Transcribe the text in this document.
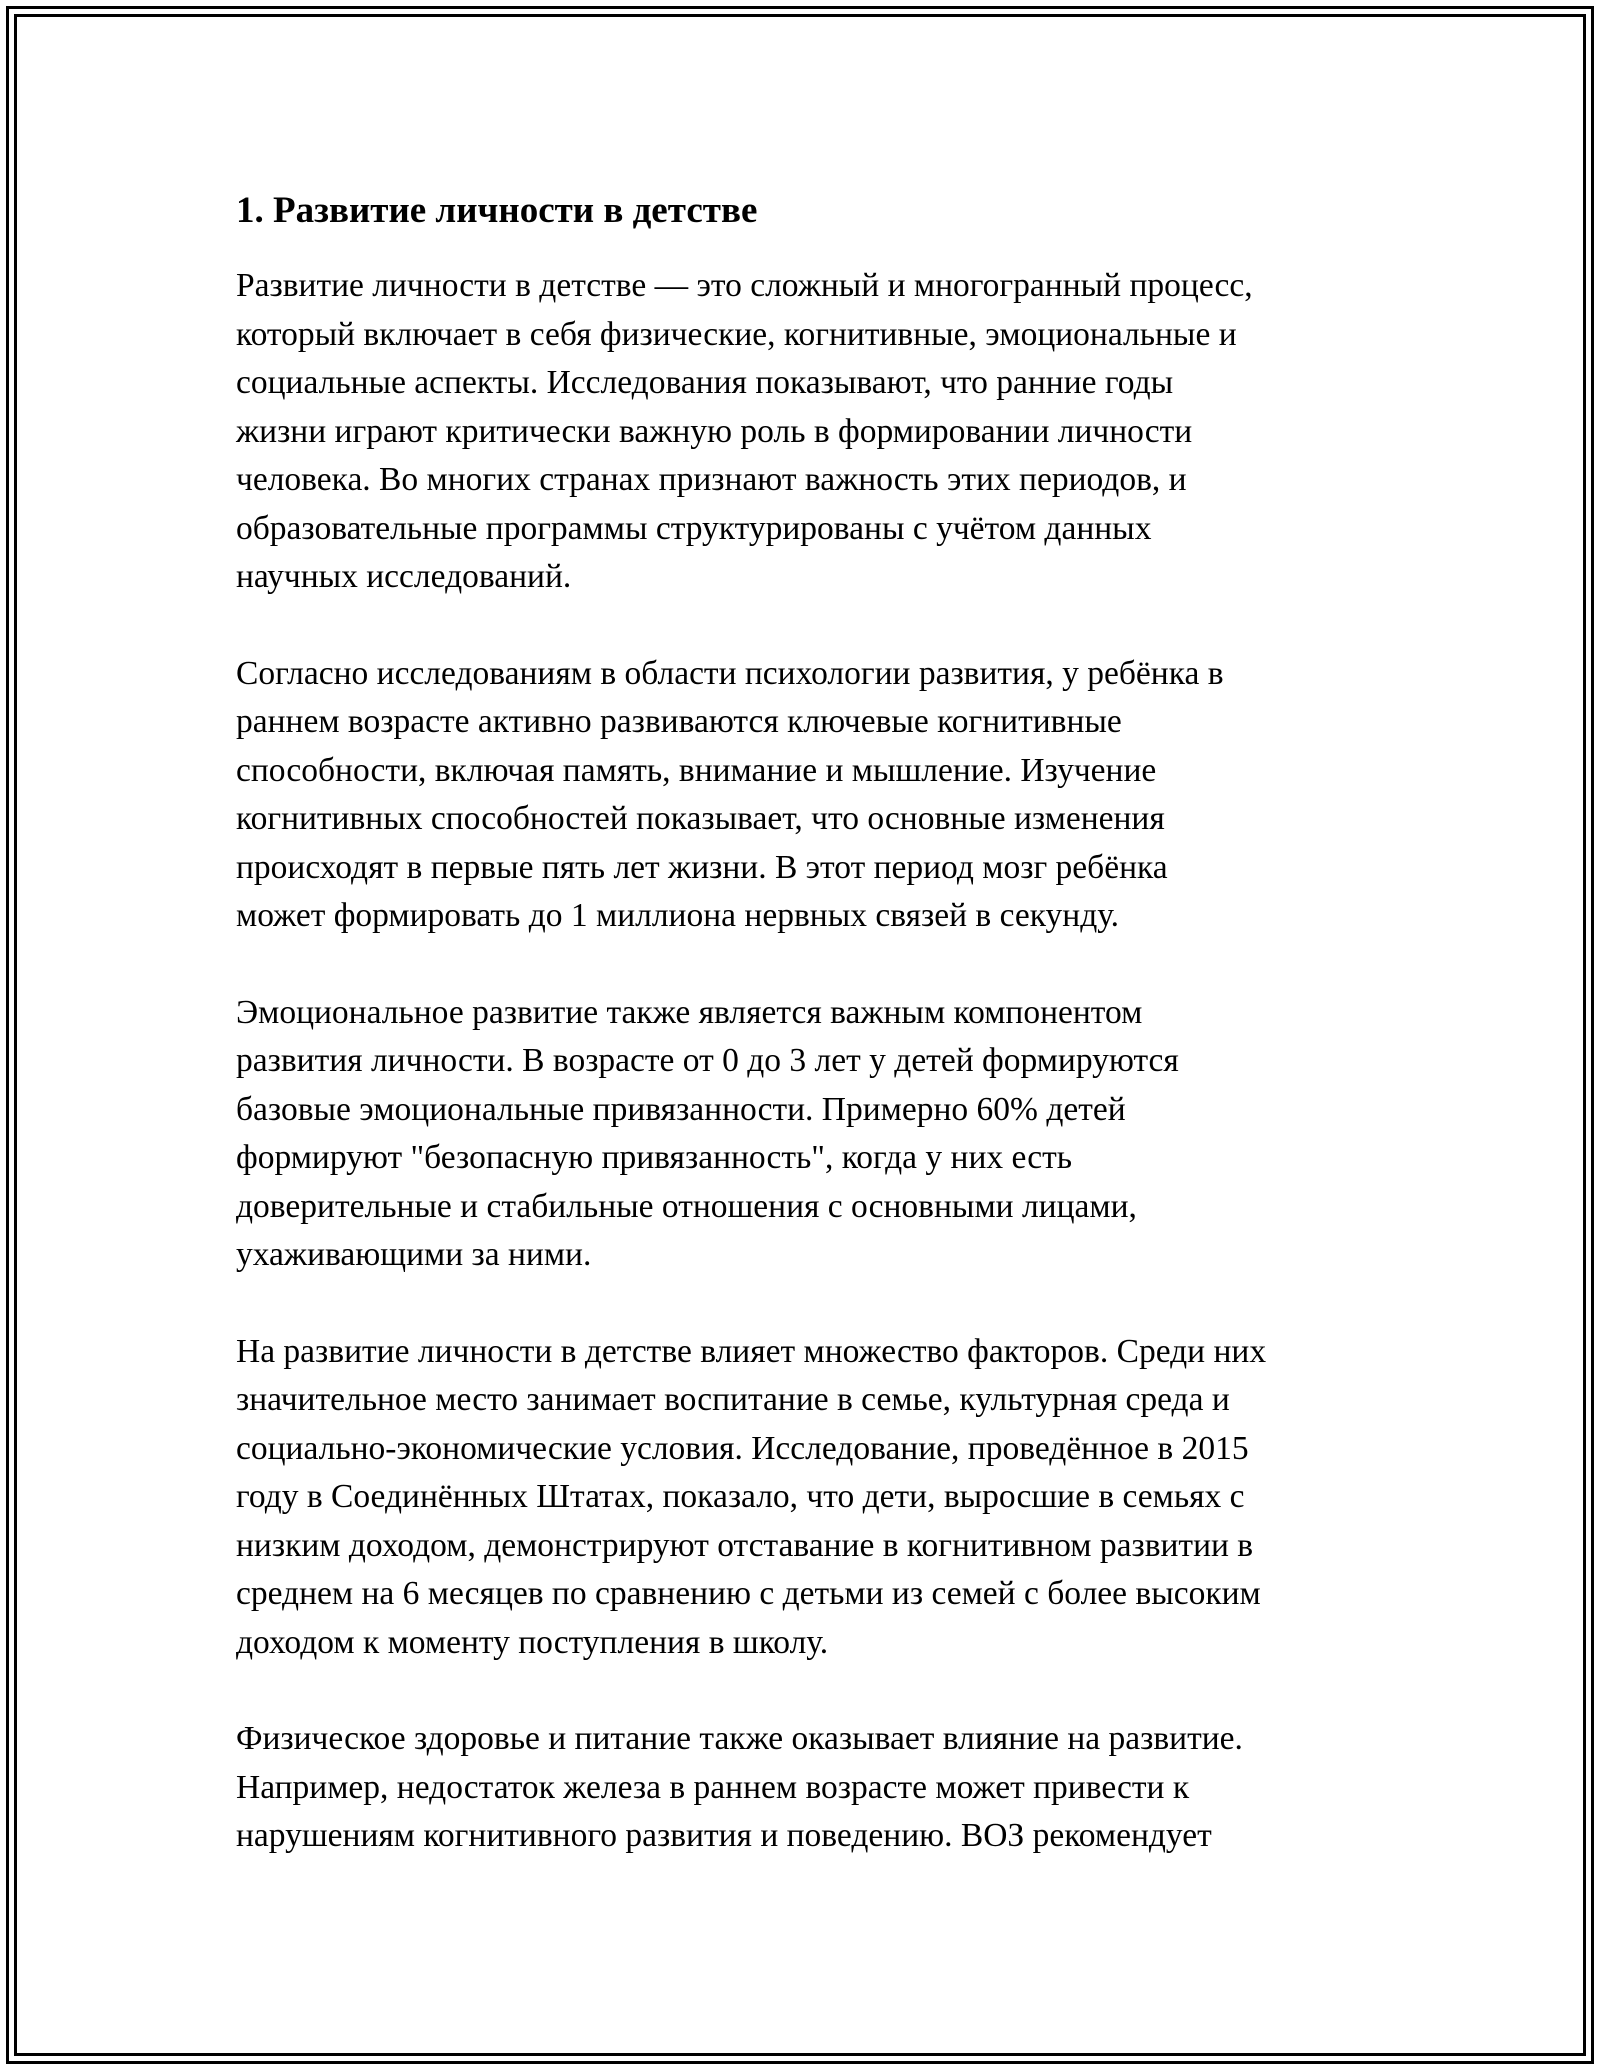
1. Развитие личности в детстве

Развитие личности в детстве — это сложный и многогранный процесс,
который включает в себя физические, когнитивные, эмоциональные и
социальные аспекты. Исследования показывают, что ранние годы
жизни играют критически важную роль в формировании личности
человека. Во многих странах признают важность этих периодов, и
образовательные программы структурированы с учётом данных
научных исследований.

Согласно исследованиям в области психологии развития, у ребёнка в
раннем возрасте активно развиваются ключевые когнитивные
способности, включая память, внимание и мышление. Изучение
когнитивных способностей показывает, что основные изменения
происходят в первые пять лет жизни. В этот период мозг ребёнка
может формировать до 1 миллиона нервных связей в секунду.

Эмоциональное развитие также является важным компонентом
развития личности. В возрасте от 0 до 3 лет у детей формируются
базовые эмоциональные привязанности. Примерно 60% детей
формируют "безопасную привязанность", когда у них есть
доверительные и стабильные отношения с основными лицами,
ухаживающими за ними.

На развитие личности в детстве влияет множество факторов. Среди них
значительное место занимает воспитание в семье, культурная среда и
социально-экономические условия. Исследование, проведённое в 2015
году в Соединённых Штатах, показало, что дети, выросшие в семьях с
низким доходом, демонстрируют отставание в когнитивном развитии в
среднем на 6 месяцев по сравнению с детьми из семей с более высоким
доходом к моменту поступления в школу.

Физическое здоровье и питание также оказывает влияние на развитие.
Например, недостаток железа в раннем возрасте может привести к
нарушениям когнитивного развития и поведению. ВОЗ рекомендует
